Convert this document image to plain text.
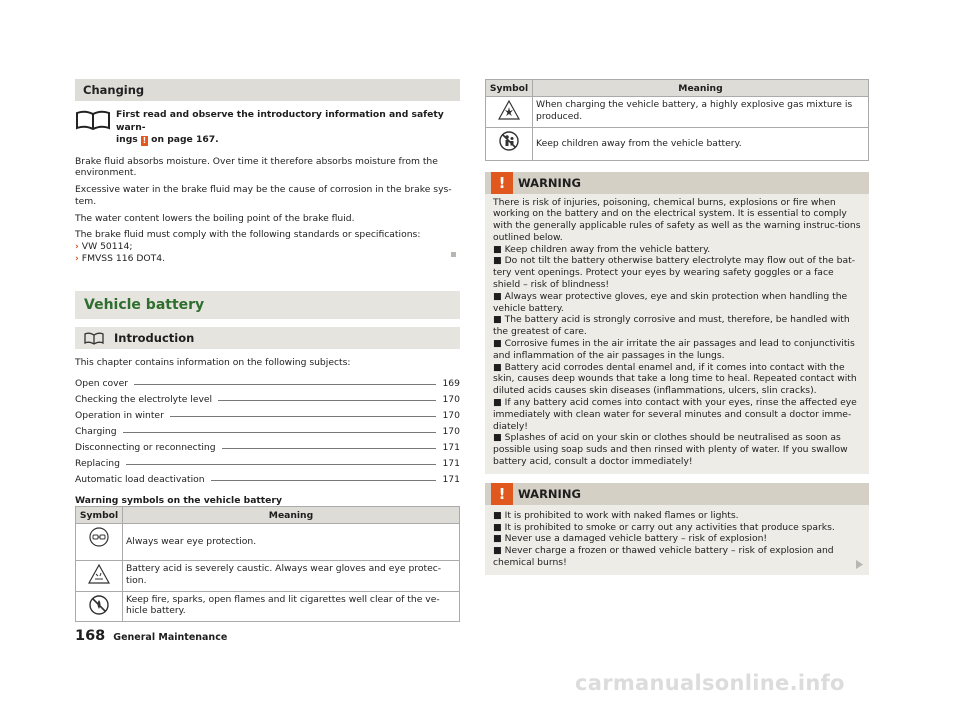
Changing

First read and observe the introductory information and safety warn-
ings ! on page 167.

Brake fluid absorbs moisture. Over time it therefore absorbs moisture from the environment.

Excessive water in the brake fluid may be the cause of corrosion in the brake sys-tem.

The water content lowers the boiling point of the brake fluid.

The brake fluid must comply with the following standards or specifications:

› VW 50114;
› FMVSS 116 DOT4.
Vehicle battery
Introduction

This chapter contains information on the following subjects:

Open cover	169
Checking the electrolyte level	170
Operation in winter	170
Charging	170
Disconnecting or reconnecting	171
Replacing	171
Automatic load deactivation	171
Warning symbols on the vehicle battery
Symbol	Meaning
	Always wear eye protection.
	Battery acid is severely caustic. Always wear gloves and eye protec-tion.
	Keep fire, sparks, open flames and lit cigarettes well clear of the ve-hicle battery.
Symbol	Meaning
	When charging the vehicle battery, a highly explosive gas mixture is produced.
	Keep children away from the vehicle battery.
!	WARNING

There is risk of injuries, poisoning, chemical burns, explosions or fire when working on the battery and on the electrical system. It is essential to comply with the generally applicable rules of safety as well as the warning instruc-tions outlined below.

■ Keep children away from the vehicle battery.

■ Do not tilt the battery otherwise battery electrolyte may flow out of the bat-tery vent openings. Protect your eyes by wearing safety goggles or a face shield – risk of blindness!

■ Always wear protective gloves, eye and skin protection when handling the vehicle battery.

■ The battery acid is strongly corrosive and must, therefore, be handled with the greatest of care.

■ Corrosive fumes in the air irritate the air passages and lead to conjunctivitis and inflammation of the air passages in the lungs.

■ Battery acid corrodes dental enamel and, if it comes into contact with the skin, causes deep wounds that take a long time to heal. Repeated contact with diluted acids causes skin diseases (inflammations, ulcers, slin cracks).

■ If any battery acid comes into contact with your eyes, rinse the affected eye immediately with clean water for several minutes and consult a doctor imme-diately!

■ Splashes of acid on your skin or clothes should be neutralised as soon as possible using soap suds and then rinsed with plenty of water. If you swallow battery acid, consult a doctor immediately!

!	WARNING

■ It is prohibited to work with naked flames or lights.

■ It is prohibited to smoke or carry out any activities that produce sparks.

■ Never use a damaged vehicle battery – risk of explosion!

■ Never charge a frozen or thawed vehicle battery – risk of explosion and chemical burns!

168 General Maintenance
carmanualsonline.info
